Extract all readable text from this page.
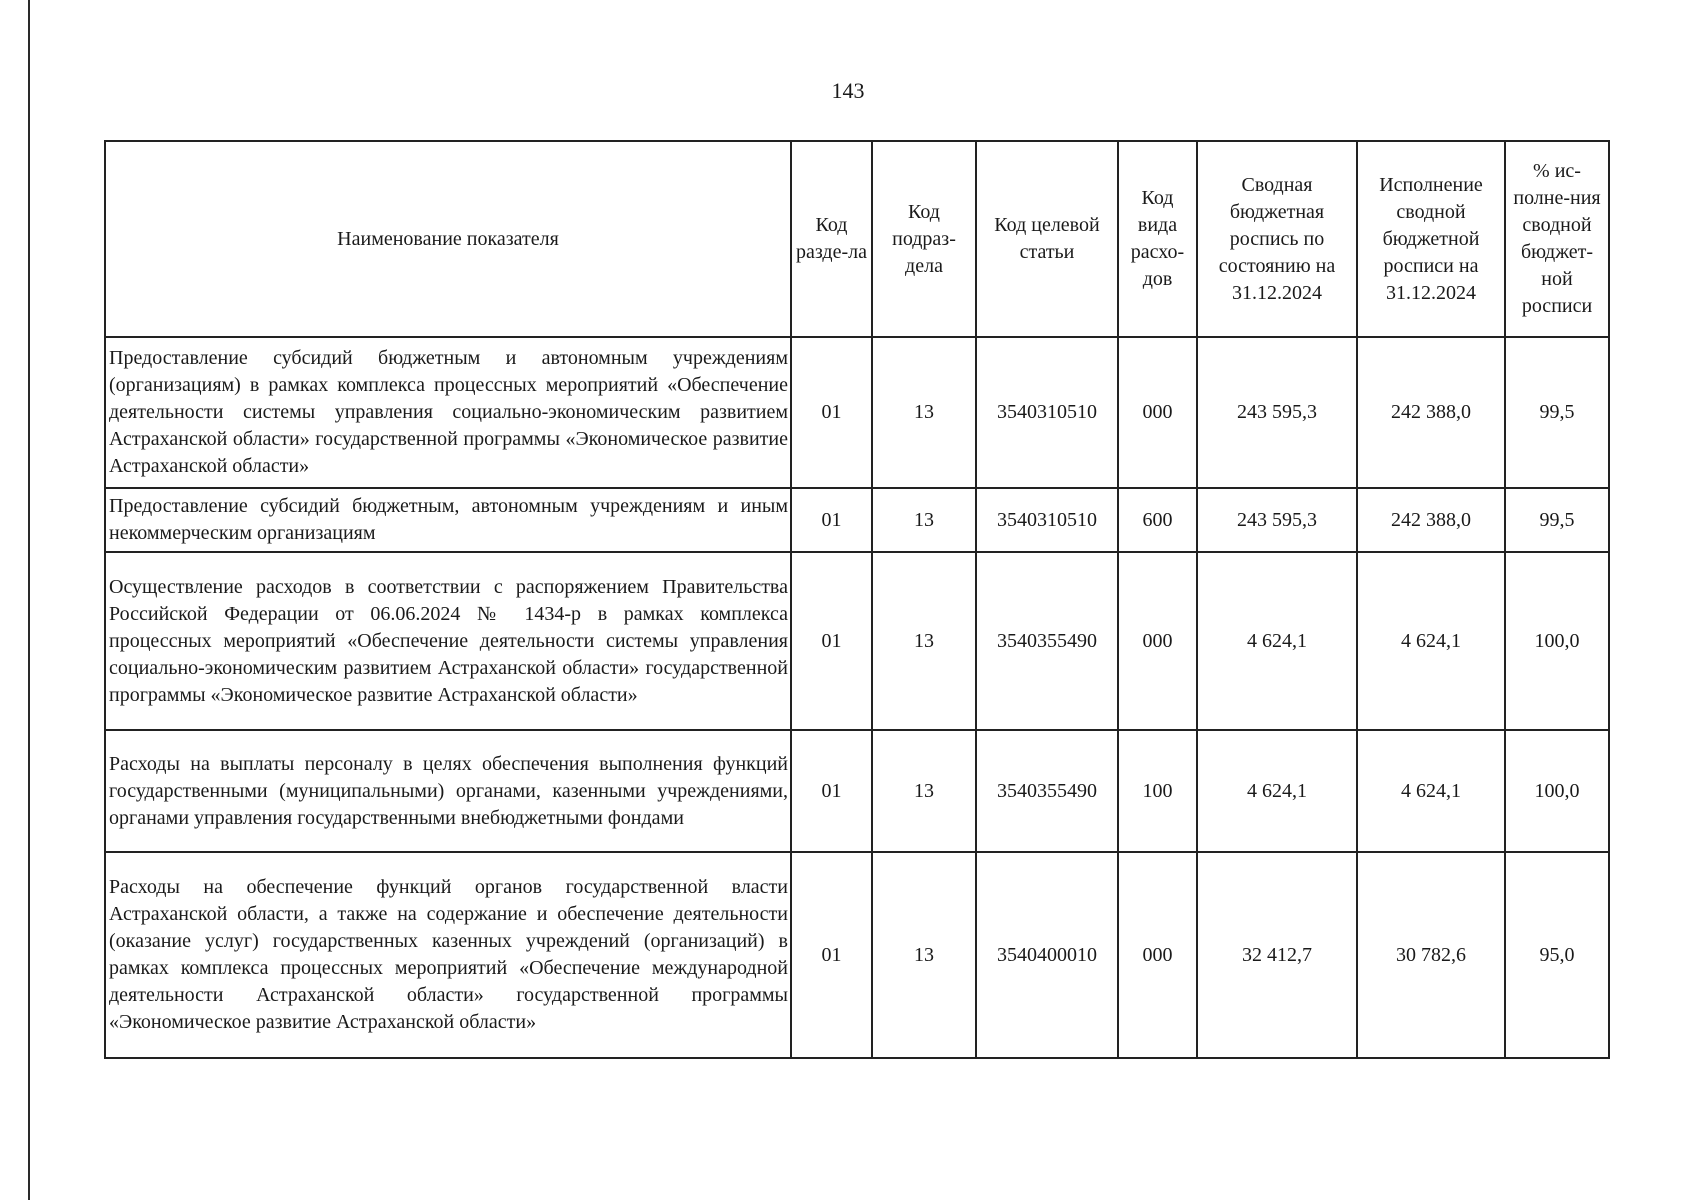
143
Наименование показателя	Код разде-ла	Код подраз-дела	Код целевой статьи	Код вида расхо-дов	Сводная бюджетная роспись по состоянию на 31.12.2024	Исполнение сводной бюджетной росписи на 31.12.2024	% ис-полне-ния сводной бюджет-ной росписи
Предоставление субсидий бюджетным и автономным учреждениям (организациям) в рамках комплекса процессных мероприятий «Обеспечение деятельности системы управления социально-экономическим развитием Астраханской области» государственной программы «Экономическое развитие Астраханской области»	01	13	3540310510	000	243 595,3	242 388,0	99,5
Предоставление субсидий бюджетным, автономным учреждениям и иным некоммерческим организациям	01	13	3540310510	600	243 595,3	242 388,0	99,5
Осуществление расходов в соответствии с распоряжением Правительства Российской Федерации от 06.06.2024 № 1434-р в рамках комплекса процессных мероприятий «Обеспечение деятельности системы управления социально-экономическим развитием Астраханской области» государственной программы «Экономическое развитие Астраханской области»	01	13	3540355490	000	4 624,1	4 624,1	100,0
Расходы на выплаты персоналу в целях обеспечения выполнения функций государственными (муниципальными) органами, казенными учреждениями, органами управления государственными внебюджетными фондами	01	13	3540355490	100	4 624,1	4 624,1	100,0
Расходы на обеспечение функций органов государственной власти Астраханской области, а также на содержание и обеспечение деятельности (оказание услуг) государственных казенных учреждений (организаций) в рамках комплекса процессных мероприятий «Обеспечение международной деятельности Астраханской области» государственной программы «Экономическое развитие Астраханской области»	01	13	3540400010	000	32 412,7	30 782,6	95,0
